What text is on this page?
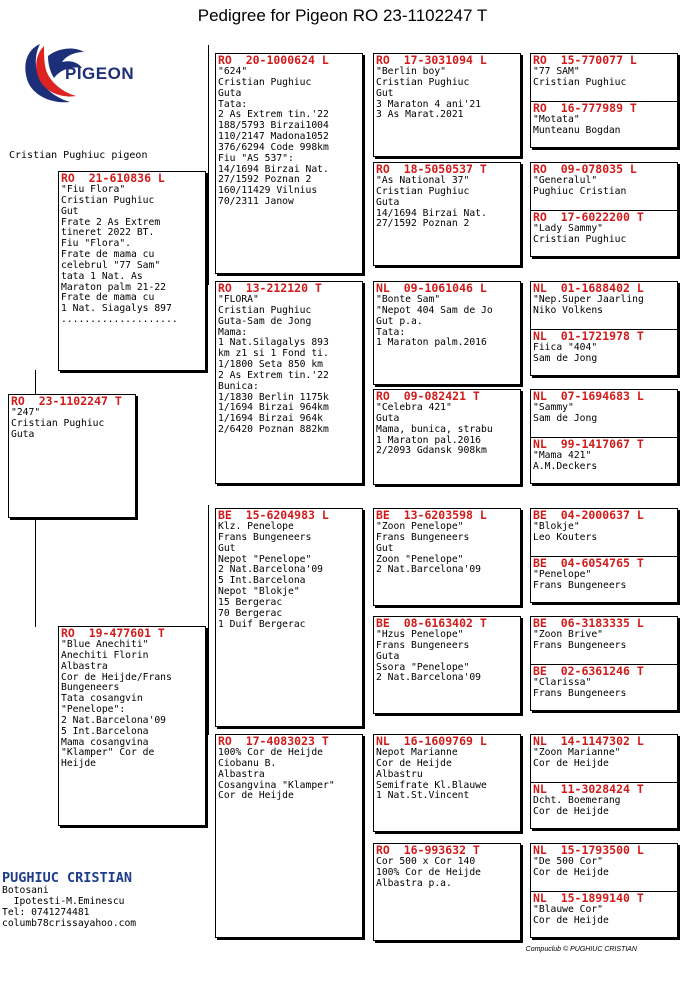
Pedigree for Pigeon RO 23-1102247 T
PIGEON
Cristian Pughiuc pigeon
RO  23-1102247 T
"247"
Cristian Pughiuc
Guta
RO  21-610836 L
"Fiu Flora"
Cristian Pughiuc
Gut
Frate 2 As Extrem
tineret 2022 BT.
Fiu "Flora".
Frate de mama cu
celebrul "77 Sam"
tata 1 Nat. As
Maraton palm 21-22
Frate de mama cu
1 Nat. Siagalys 897
....................
RO  19-477601 T
"Blue Anechiti"
Anechiti Florin
Albastra
Cor de Heijde/Frans
Bungeneers
Tata cosangvin
"Penelope":
2 Nat.Barcelona'09
5 Int.Barcelona
Mama cosangvina
"Klamper" Cor de
Heijde
RO  20-1000624 L
"624"
Cristian Pughiuc
Guta
Tata:
2 As Extrem tin.'22
188/5793 Birzai1004
110/2147 Madona1052
376/6294 Code 998km
Fiu "AS 537":
14/1694 Birzai Nat.
27/1592 Poznan 2
160/11429 Vilnius
70/2311 Janow
RO  13-212120 T
"FLORA"
Cristian Pughiuc
Guta-Sam de Jong
Mama:
1 Nat.Silagalys 893
km z1 si 1 Fond ti.
1/1800 Seta 850 km
2 As Extrem tin.'22
Bunica:
1/1830 Berlin 1175k
1/1694 Birzai 964km
1/1694 Birzai 964k
2/6420 Poznan 882km
BE  15-6204983 L
Klz. Penelope
Frans Bungeneers
Gut
Nepot "Penelope"
2 Nat.Barcelona'09
5 Int.Barcelona
Nepot "Blokje"
15 Bergerac
70 Bergerac
1 Duif Bergerac
RO  17-4083023 T
100% Cor de Heijde
Ciobanu B.
Albastra
Cosangvina "Klamper"
Cor de Heijde
RO  17-3031094 L
"Berlin boy"
Cristian Pughiuc
Gut
3 Maraton 4 ani'21
3 As Marat.2021
RO  18-5050537 T
"As National 37"
Cristian Pughiuc
Guta
14/1694 Birzai Nat.
27/1592 Poznan 2
NL  09-1061046 L
"Bonte Sam"
"Nepot 404 Sam de Jo
Gut p.a.
Tata:
1 Maraton palm.2016
RO  09-082421 T
"Celebra 421"
Guta
Mama, bunica, strabu
1 Maraton pal.2016
2/2093 Gdansk 908km
BE  13-6203598 L
"Zoon Penelope"
Frans Bungeneers
Gut
Zoon "Penelope"
2 Nat.Barcelona'09
BE  08-6163402 T
"Hzus Penelope"
Frans Bungeneers
Guta
Ssora "Penelope"
2 Nat.Barcelona'09
NL  16-1609769 L
Nepot Marianne
Cor de Heijde
Albastru
Semifrate Kl.Blauwe
1 Nat.St.Vincent
RO  16-993632 T
Cor 500 x Cor 140
100% Cor de Heijde
Albastra p.a.
RO  15-770077 L
"77 SAM"
Cristian Pughiuc
RO  16-777989 T
"Motata"
Munteanu Bogdan
RO  09-078035 L
"Generalul"
Pughiuc Cristian
RO  17-6022200 T
"Lady Sammy"
Cristian Pughiuc
NL  01-1688402 L
"Nep.Super Jaarling
Niko Volkens
NL  01-1721978 T
Fiica "404"
Sam de Jong
NL  07-1694683 L
"Sammy"
Sam de Jong
NL  99-1417067 T
"Mama 421"
A.M.Deckers
BE  04-2000637 L
"Blokje"
Leo Kouters
BE  04-6054765 T
"Penelope"
Frans Bungeneers
BE  06-3183335 L
"Zoon Brive"
Frans Bungeneers
BE  02-6361246 T
"Clarissa"
Frans Bungeneers
NL  14-1147302 L
"Zoon Marianne"
Cor de Heijde
NL  11-3028424 T
Dcht. Boemerang
Cor de Heijde
NL  15-1793500 L
"De 500 Cor"
Cor de Heijde
NL  15-1899140 T
"Blauwe Cor"
Cor de Heijde
PUGHIUC CRISTIAN
Botosani
Ipotesti-M.Eminescu
Tel: 0741274481
columb78crissayahoo.com
Compuclub © PUGHIUC CRISTIAN
